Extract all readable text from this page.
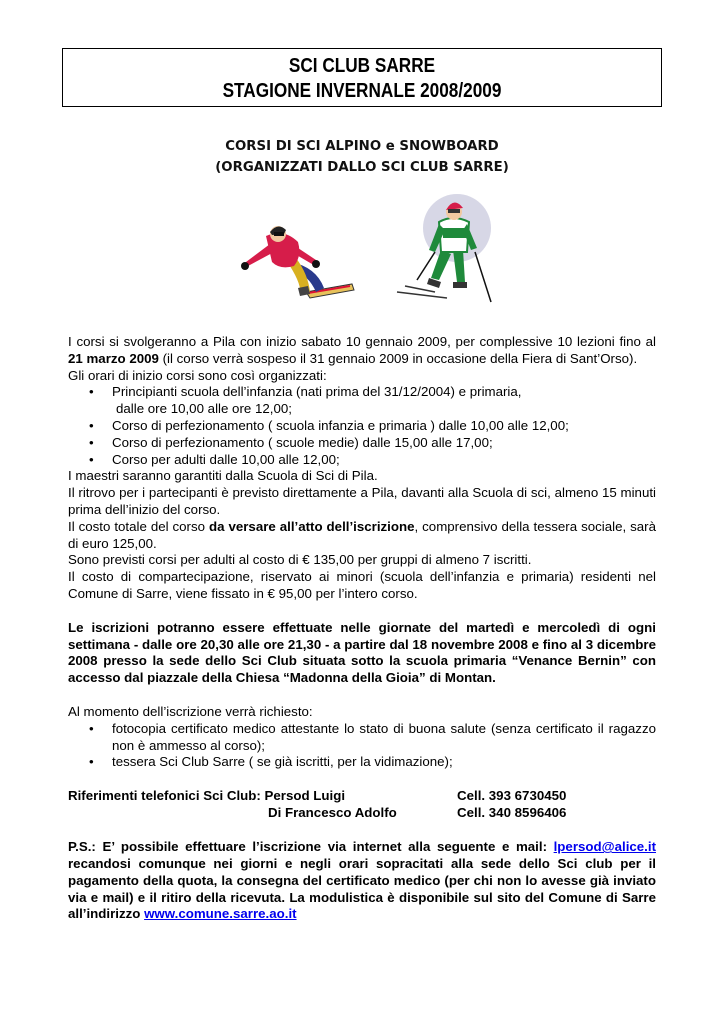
SCI CLUB SARRE
STAGIONE INVERNALE 2008/2009
CORSI DI SCI ALPINO e SNOWBOARD
(ORGANIZZATI DALLO SCI CLUB SARRE)

I corsi si svolgeranno a Pila con inizio sabato 10 gennaio 2009, per complessive 10 lezioni fino al 21 marzo 2009 (il corso verrà sospeso il 31 gennaio 2009 in occasione della Fiera di Sant’Orso).

Gli orari di inizio corsi sono così organizzati:

• Principianti scuola dell’infanzia (nati prima del 31/12/2004) e primaria,
dalle ore 10,00 alle ore 12,00;
• Corso di perfezionamento ( scuola infanzia e primaria ) dalle 10,00 alle 12,00;
• Corso di perfezionamento ( scuole medie) dalle 15,00 alle 17,00;
• Corso per adulti dalle 10,00 alle 12,00;

I maestri saranno garantiti dalla Scuola di Sci di Pila.

Il ritrovo per i partecipanti è previsto direttamente a Pila, davanti alla Scuola di sci, almeno 15 minuti prima dell’inizio del corso.

Il costo totale del corso da versare all’atto dell’iscrizione, comprensivo della tessera sociale, sarà di euro 125,00.

Sono previsti corsi per adulti al costo di € 135,00 per gruppi di almeno 7 iscritti.

Il costo di compartecipazione, riservato ai minori (scuola dell’infanzia e primaria) residenti nel Comune di Sarre, viene fissato in € 95,00 per l’intero corso.

Le iscrizioni potranno essere effettuate nelle giornate del martedì e mercoledì di ogni settimana - dalle ore 20,30 alle ore 21,30 - a partire dal 18 novembre 2008 e fino al 3 dicembre 2008 presso la sede dello Sci Club situata sotto la scuola primaria “Venance Bernin” con accesso dal piazzale della Chiesa “Madonna della Gioia” di Montan.

Al momento dell’iscrizione verrà richiesto:

• fotocopia certificato medico attestante lo stato di buona salute (senza certificato il ragazzo non è ammesso al corso);
• tessera Sci Club Sarre ( se già iscritti, per la vidimazione);
Riferimenti telefonici Sci Club: Persod Luigi	Cell. 393 6730450
Di Francesco Adolfo	Cell. 340 8596406

P.S.: E’ possibile effettuare l’iscrizione via internet alla seguente e mail: lpersod@alice.it recandosi comunque nei giorni e negli orari sopracitati alla sede dello Sci club per il pagamento della quota, la consegna del certificato medico (per chi non lo avesse già inviato via e mail) e il ritiro della ricevuta. La modulistica è disponibile sul sito del Comune di Sarre all’indirizzo www.comune.sarre.ao.it
